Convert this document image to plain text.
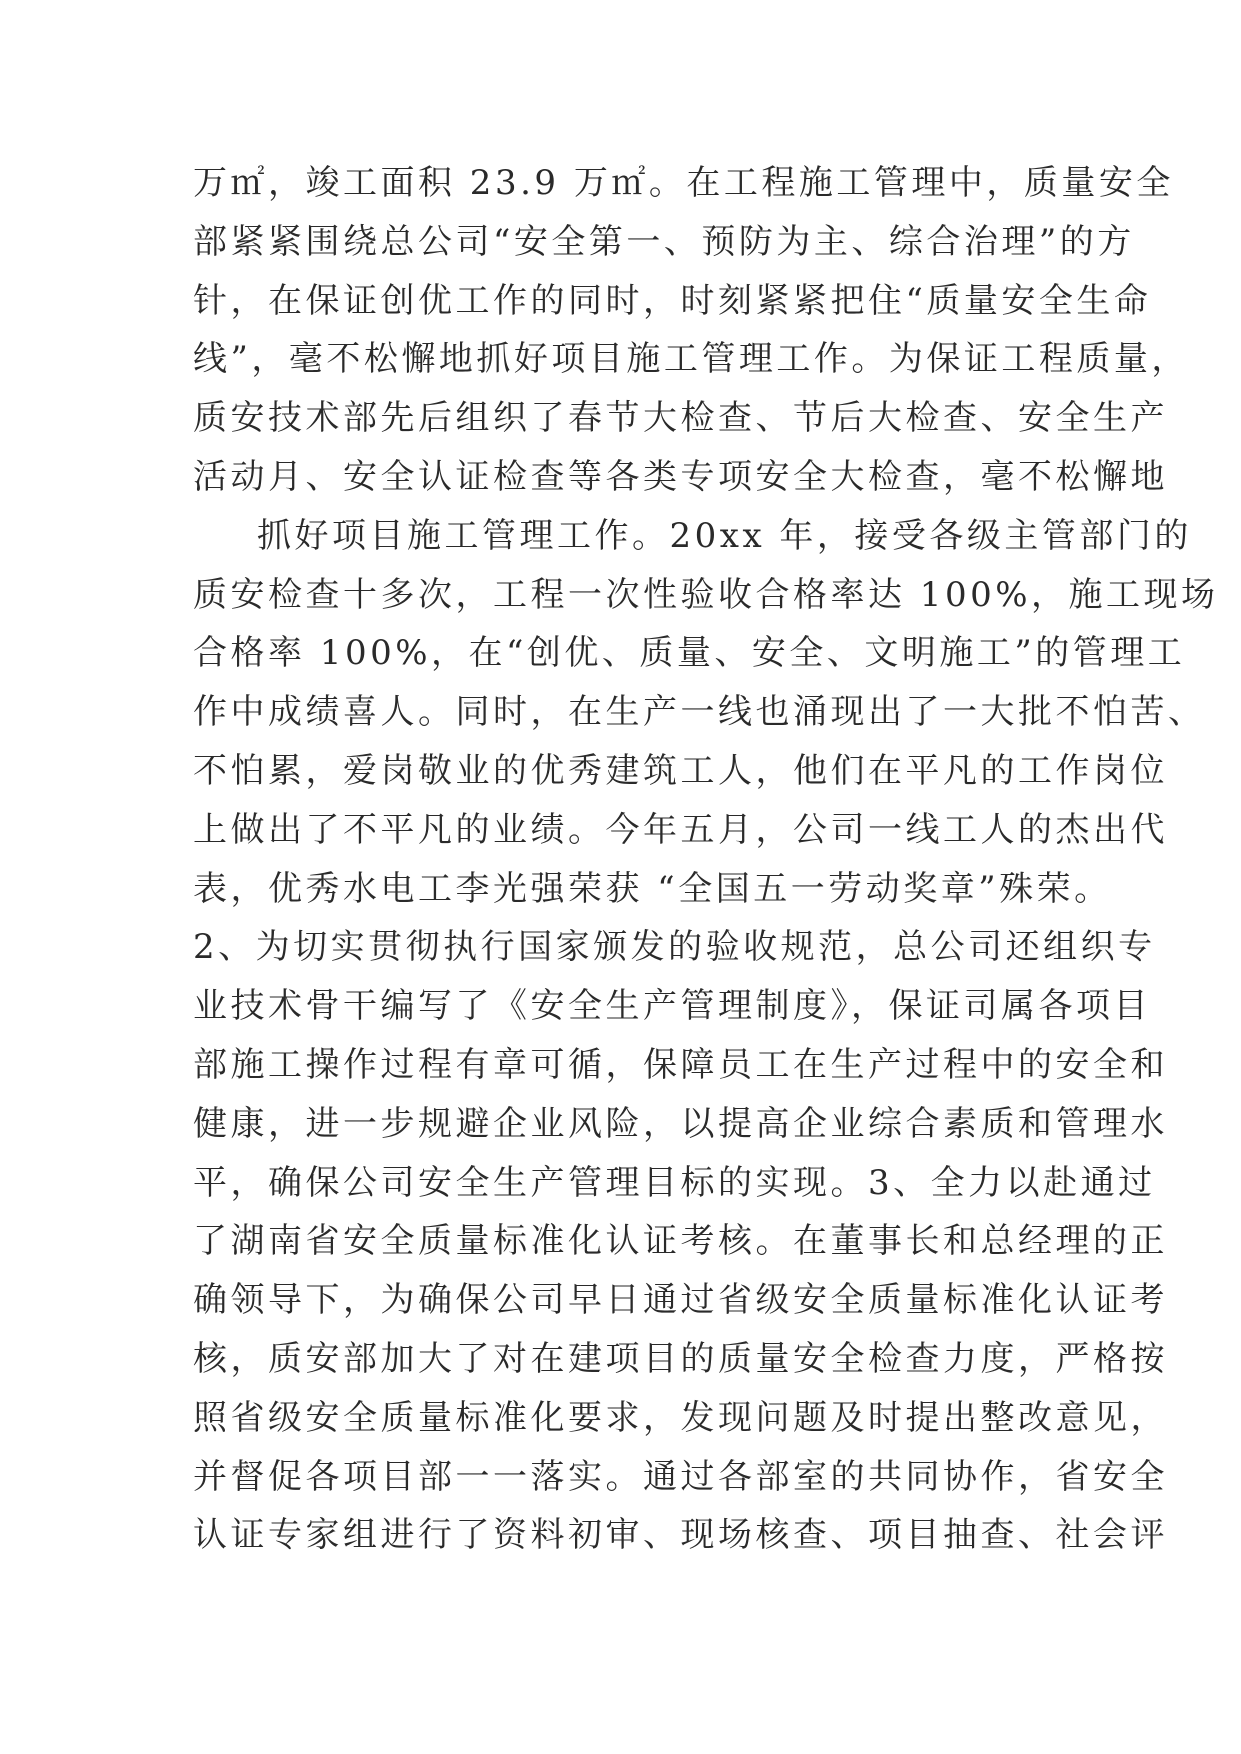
万㎡，竣工面积 23.9 万㎡。在工程施工管理中，质量安全
部紧紧围绕总公司“安全第一、预防为主、综合治理”的方
针，在保证创优工作的同时，时刻紧紧把住“质量安全生命
线”，毫不松懈地抓好项目施工管理工作。为保证工程质量，
质安技术部先后组织了春节大检查、节后大检查、安全生产
活动月、安全认证检查等各类专项安全大检查，毫不松懈地
抓好项目施工管理工作。20xx 年，接受各级主管部门的
质安检查十多次，工程一次性验收合格率达 100%，施工现场
合格率 100%，在“创优、质量、安全、文明施工”的管理工
作中成绩喜人。同时，在生产一线也涌现出了一大批不怕苦、
不怕累，爱岗敬业的优秀建筑工人，他们在平凡的工作岗位
上做出了不平凡的业绩。今年五月，公司一线工人的杰出代
表，优秀水电工李光强荣获 “全国五一劳动奖章”殊荣。
2、为切实贯彻执行国家颁发的验收规范，总公司还组织专
业技术骨干编写了《安全生产管理制度》，保证司属各项目
部施工操作过程有章可循，保障员工在生产过程中的安全和
健康，进一步规避企业风险，以提高企业综合素质和管理水
平，确保公司安全生产管理目标的实现。3、全力以赴通过
了湖南省安全质量标准化认证考核。在董事长和总经理的正
确领导下，为确保公司早日通过省级安全质量标准化认证考
核，质安部加大了对在建项目的质量安全检查力度，严格按
照省级安全质量标准化要求，发现问题及时提出整改意见，
并督促各项目部一一落实。通过各部室的共同协作，省安全
认证专家组进行了资料初审、现场核查、项目抽查、社会评
